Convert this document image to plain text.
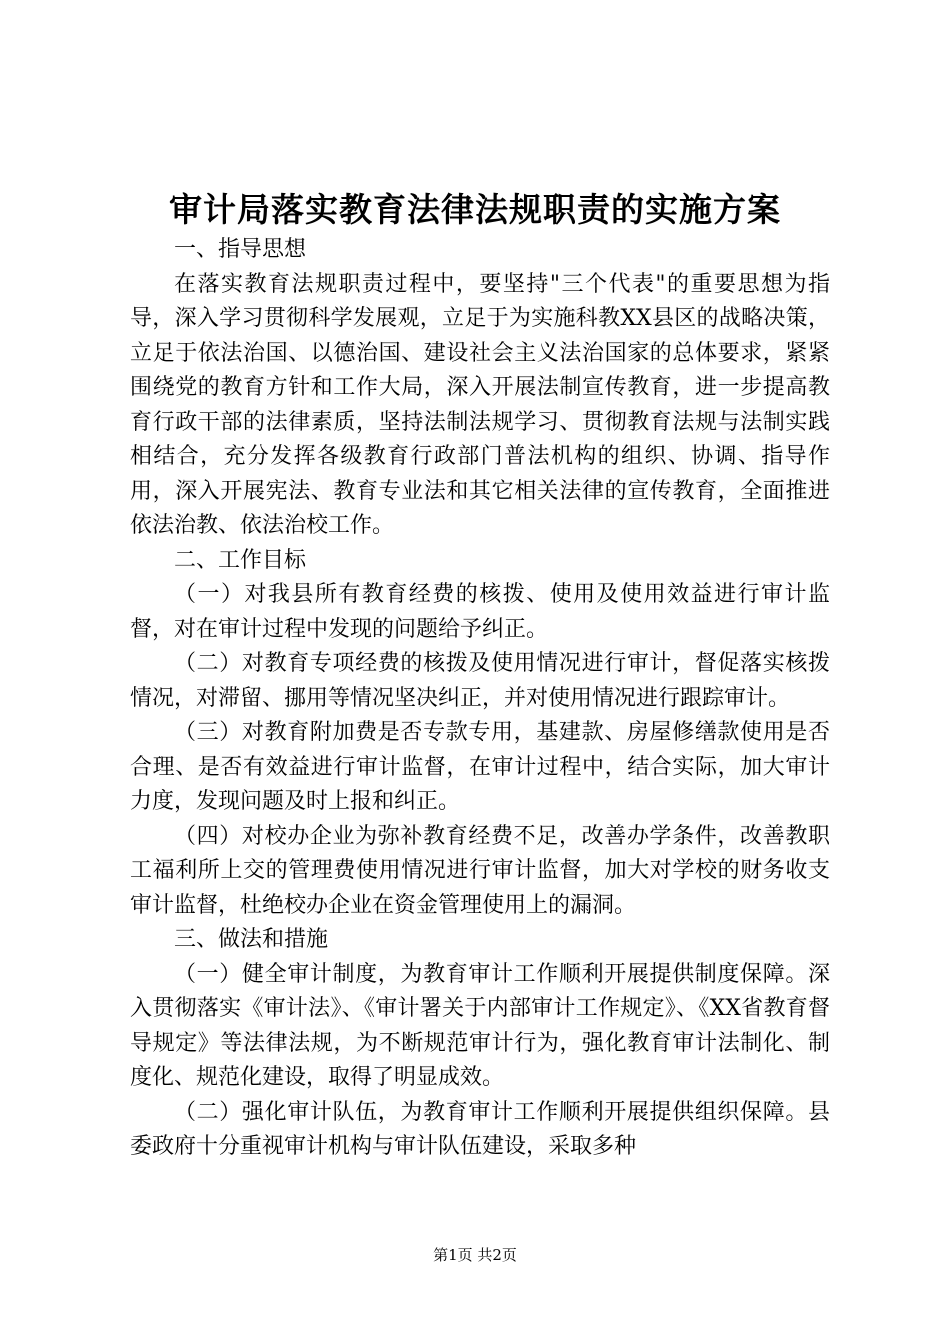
审计局落实教育法律法规职责的实施方案

一、指导思想

在落实教育法规职责过程中，要坚持"三个代表"的重要思想为指导，深入学习贯彻科学发展观，立足于为实施科教XX县区的战略决策，立足于依法治国、以德治国、建设社会主义法治国家的总体要求，紧紧围绕党的教育方针和工作大局，深入开展法制宣传教育，进一步提高教育行政干部的法律素质，坚持法制法规学习、贯彻教育法规与法制实践相结合，充分发挥各级教育行政部门普法机构的组织、协调、指导作用，深入开展宪法、教育专业法和其它相关法律的宣传教育，全面推进依法治教、依法治校工作。

二、工作目标

（一）对我县所有教育经费的核拨、使用及使用效益进行审计监督，对在审计过程中发现的问题给予纠正。

（二）对教育专项经费的核拨及使用情况进行审计，督促落实核拨情况，对滞留、挪用等情况坚决纠正，并对使用情况进行跟踪审计。

（三）对教育附加费是否专款专用，基建款、房屋修缮款使用是否合理、是否有效益进行审计监督，在审计过程中，结合实际，加大审计力度，发现问题及时上报和纠正。

（四）对校办企业为弥补教育经费不足，改善办学条件，改善教职工福利所上交的管理费使用情况进行审计监督，加大对学校的财务收支审计监督，杜绝校办企业在资金管理使用上的漏洞。

三、做法和措施

（一）健全审计制度，为教育审计工作顺利开展提供制度保障。深入贯彻落实《审计法》、《审计署关于内部审计工作规定》、《XX省教育督导规定》等法律法规，为不断规范审计行为，强化教育审计法制化、制度化、规范化建设，取得了明显成效。

（二）强化审计队伍，为教育审计工作顺利开展提供组织保障。县委政府十分重视审计机构与审计队伍建设，采取多种

第1页 共2页
